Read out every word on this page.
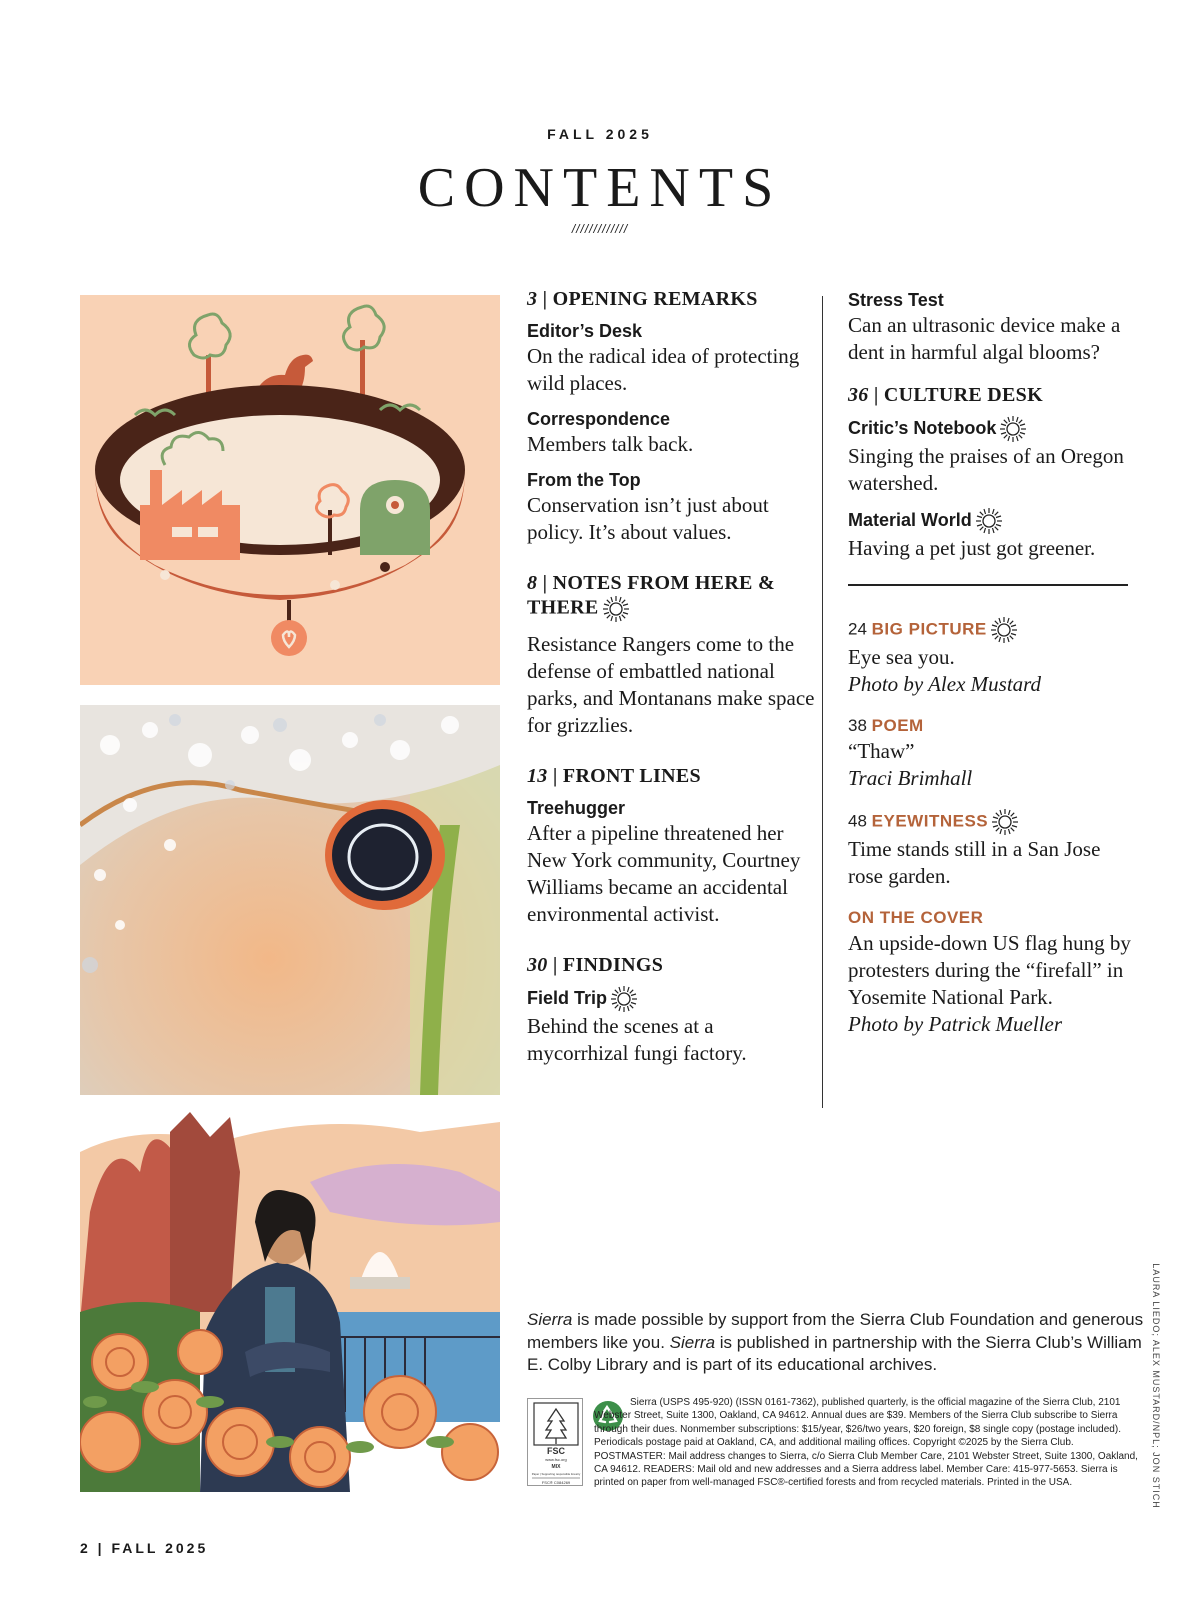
FALL 2025
CONTENTS
/////////////
3 | OPENING REMARKS
Editor’s Desk
On the radical idea of protecting wild places.
Correspondence
Members talk back.
From the Top
Conservation isn’t just about policy. It’s about values.
8 | NOTES FROM HERE & THERE
Resistance Rangers come to the defense of embattled national parks, and Montanans make space for grizzlies.
13 | FRONT LINES
Treehugger
After a pipeline threatened her New York community, Courtney Williams became an accidental environmental activist.
30 | FINDINGS
Field Trip
Behind the scenes at a mycorrhizal fungi factory.
Stress Test
Can an ultrasonic device make a dent in harmful algal blooms?
36 | CULTURE DESK
Critic’s Notebook
Singing the praises of an Oregon watershed.
Material World
Having a pet just got greener.
24 BIG PICTURE
Eye sea you.
Photo by Alex Mustard
38 POEM
“Thaw”
Traci Brimhall
48 EYEWITNESS
Time stands still in a San Jose rose garden.
ON THE COVER
An upside-down US flag hung by protesters during the “firefall” in Yosemite National Park.
Photo by Patrick Mueller

Sierra is made possible by support from the Sierra Club Foundation and generous members like you. Sierra is published in partnership with the Sierra Club’s William E. Colby Library and is part of its educational archives.

FSC
www.fsc.org
MIX
Paper | Supporting responsible forestry
FSC® C084269

Sierra (USPS 495-920) (ISSN 0161-7362), published quarterly, is the official magazine of the Sierra Club, 2101 Webster Street, Suite 1300, Oakland, CA 94612. Annual dues are $39. Members of the Sierra Club subscribe to Sierra through their dues. Nonmember subscriptions: $15/year, $26/two years, $20 foreign, $8 single copy (postage included). Periodicals postage paid at Oakland, CA, and additional mailing offices. Copyright ©2025 by the Sierra Club. POSTMASTER: Mail address changes to Sierra, c/o Sierra Club Member Care, 2101 Webster Street, Suite 1300, Oakland, CA 94612. READERS: Mail old and new addresses and a Sierra address label. Member Care: 415-977-5653. Sierra is printed on paper from well-managed FSC®-certified forests and from recycled materials. Printed in the USA.	LAURA LIEDO; ALEX MUSTARD/NPL; JON STICH
2 | FALL 2025
